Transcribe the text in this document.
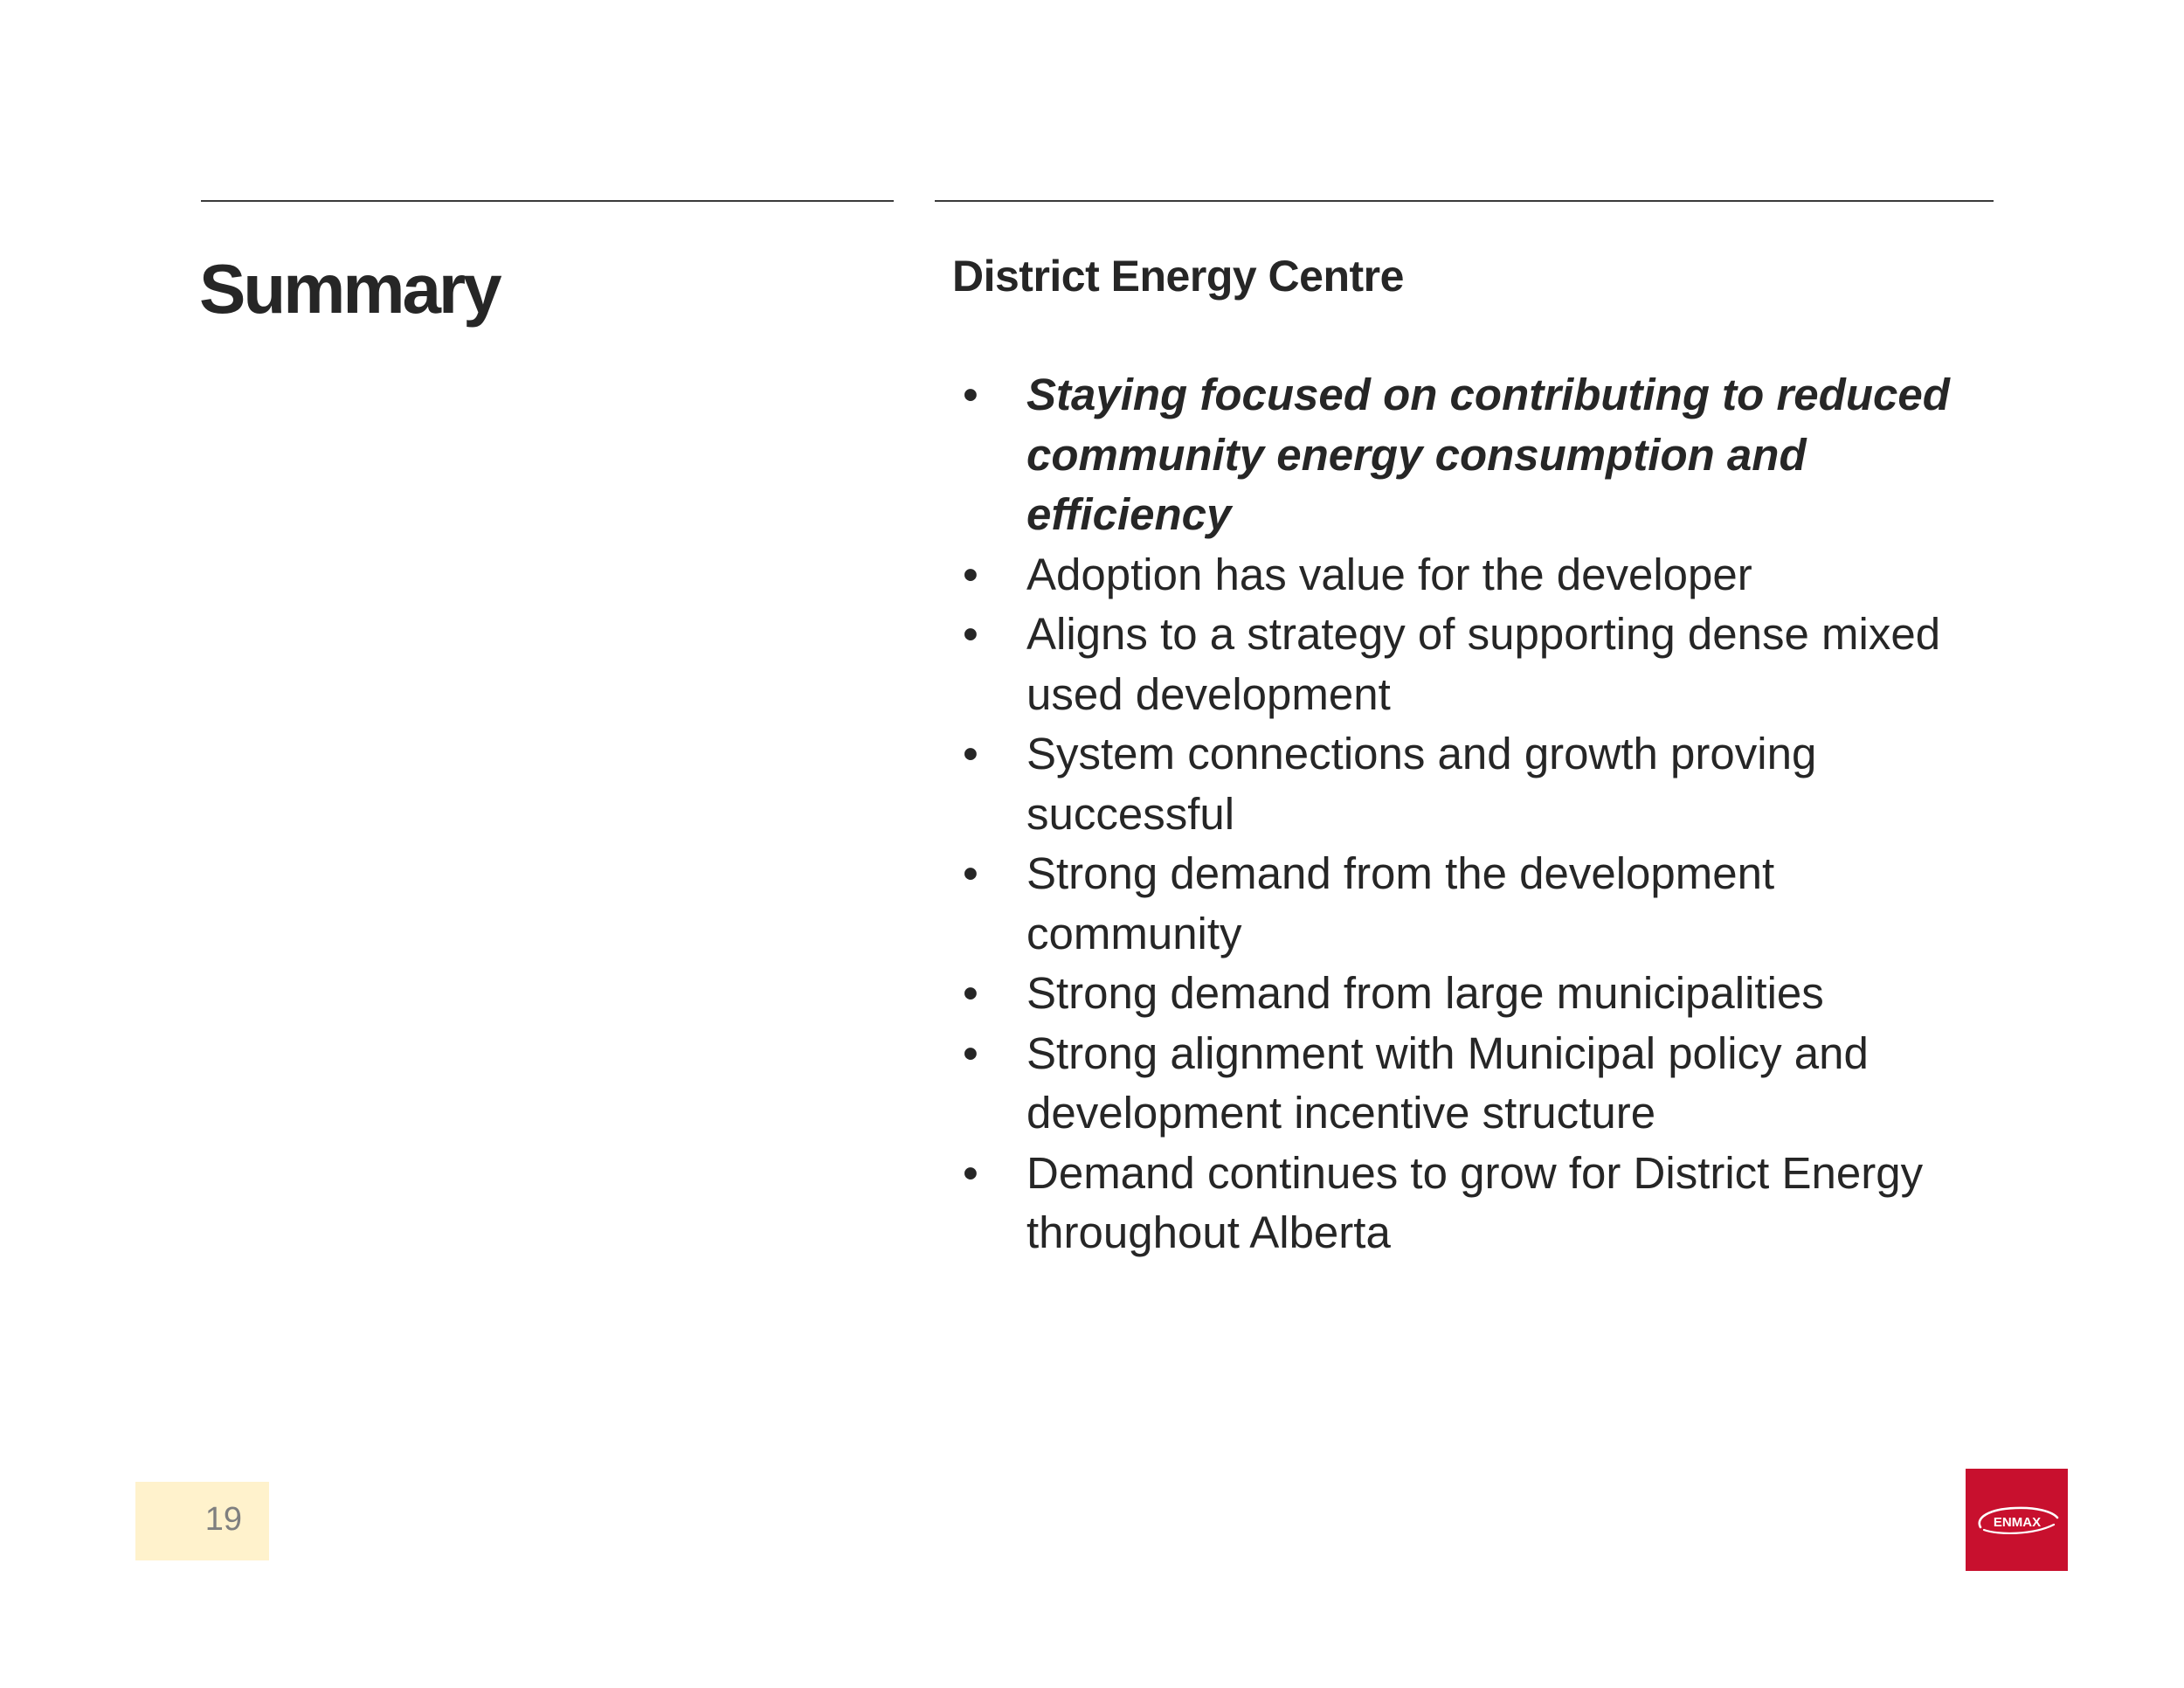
Summary	District Energy Centre
• Staying focused on contributing to reduced community energy consumption and efficiency
• Adoption has value for the developer
• Aligns to a strategy of supporting dense mixed used development
• System connections and growth proving successful
• Strong demand from the development community
• Strong demand from large municipalities
• Strong alignment with Municipal policy and development incentive structure
• Demand continues to grow for District Energy throughout Alberta
19	ENMAX
